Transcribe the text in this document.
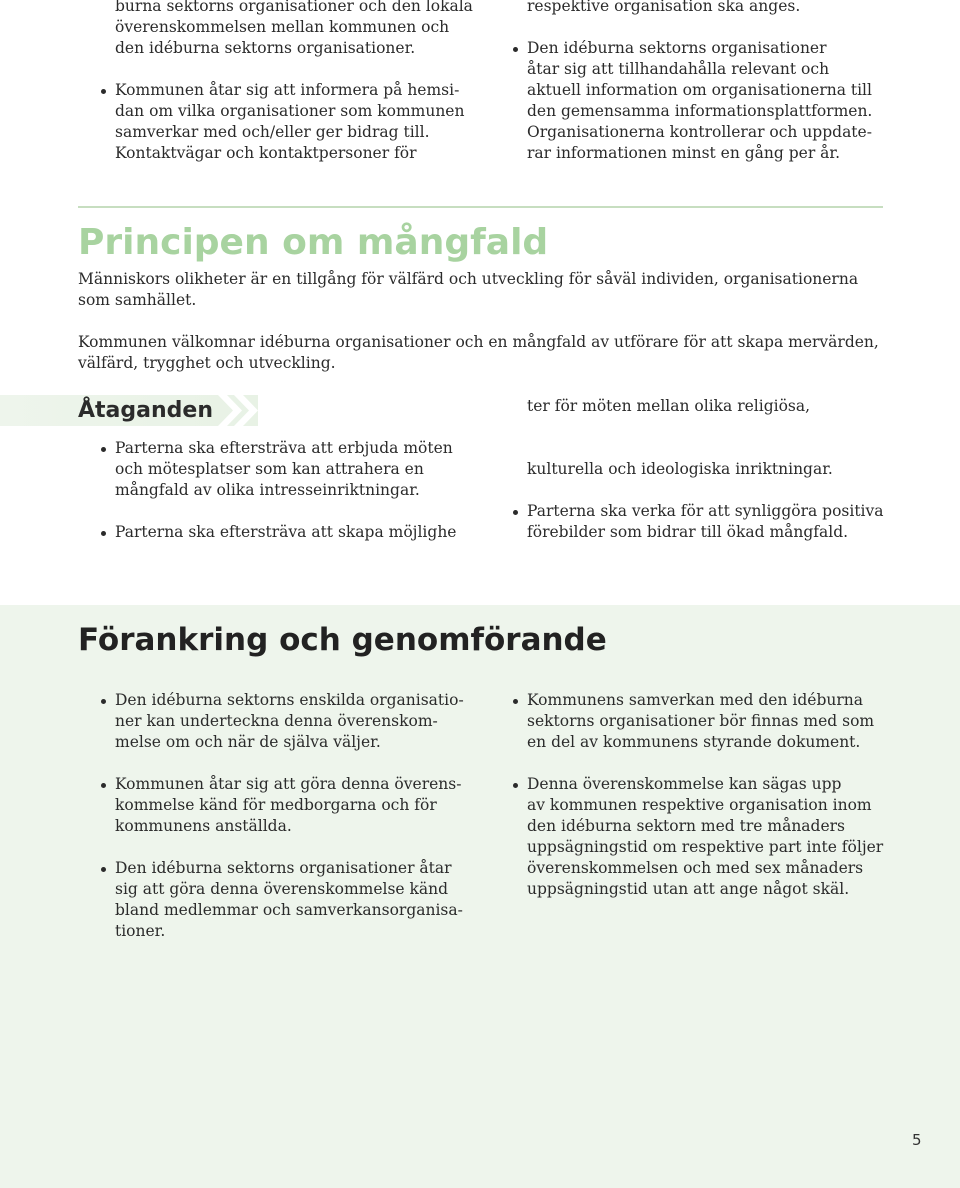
burna sektorns organisationer och den lokala
överenskommelsen mellan kommunen och
den idéburna sektorns organisationer.
Kommunen åtar sig att informera på hemsi-
dan om vilka organisationer som kommunen
samverkar med och/eller ger bidrag till.
Kontaktvägar och kontaktpersoner för
respektive organisation ska anges.
Den idéburna sektorns organisationer
åtar sig att tillhandahålla relevant och
aktuell information om organisationerna till
den gemensamma informationsplattformen.
Organisationerna kontrollerar och uppdate-
rar informationen minst en gång per år.
Principen om mångfald

Människors olikheter är en tillgång för välfärd och utveckling för såväl individen, organisationerna som samhället.

Kommunen välkomnar idéburna organisationer och en mångfald av utförare för att skapa mervärden, välfärd, trygghet och utveckling.

Åtaganden
Parterna ska eftersträva att erbjuda möten
och mötesplatser som kan attrahera en
mångfald av olika intresseinriktningar.
Parterna ska eftersträva att skapa möjlighe
ter för möten mellan olika religiösa,
kulturella och ideologiska inriktningar.
Parterna ska verka för att synliggöra positiva
förebilder som bidrar till ökad mångfald.
Förankring och genomförande
Den idéburna sektorns enskilda organisatio-
ner kan underteckna denna överenskom-
melse om och när de själva väljer.
Kommunen åtar sig att göra denna överens-
kommelse känd för medborgarna och för
kommunens anställda.
Den idéburna sektorns organisationer åtar
sig att göra denna överenskommelse känd
bland medlemmar och samverkansorganisa-
tioner.
Kommunens samverkan med den idéburna
sektorns organisationer bör finnas med som
en del av kommunens styrande dokument.
Denna överenskommelse kan sägas upp
av kommunen respektive organisation inom
den idéburna sektorn med tre månaders
uppsägningstid om respektive part inte följer
överenskommelsen och med sex månaders
uppsägningstid utan att ange något skäl.
5
